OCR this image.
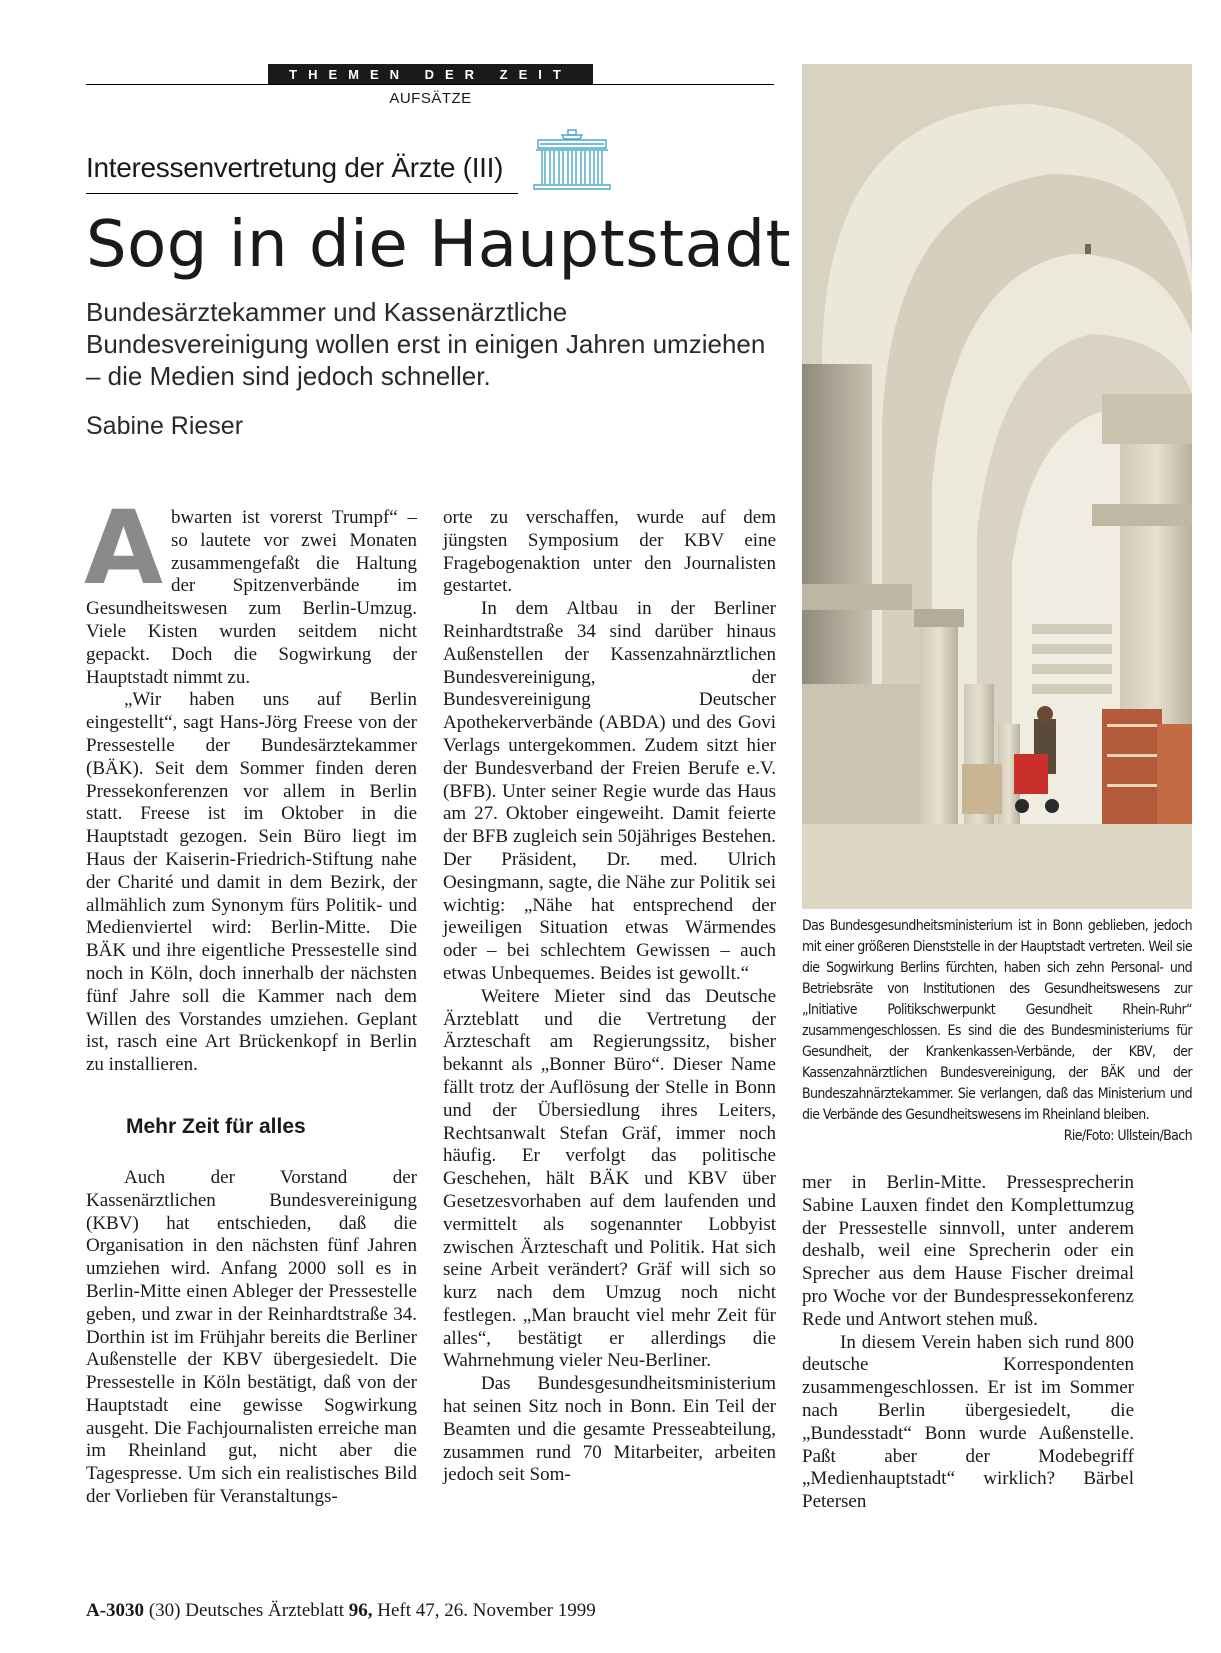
THEMEN DER ZEIT
AUFSÄTZE
Interessenvertretung der Ärzte (III)
Sog in die Hauptstadt
Bundesärztekammer und Kassenärztliche Bundesvereinigung wollen erst in einigen Jahren umziehen – die Medien sind jedoch schneller.
Sabine Rieser

Abwarten ist vorerst Trumpf“ – so lautete vor zwei Monaten zusammengefaßt die Haltung der Spitzenverbände im Gesundheitswesen zum Berlin-Umzug. Viele Kisten wurden seitdem nicht gepackt. Doch die Sogwirkung der Hauptstadt nimmt zu.

„Wir haben uns auf Berlin eingestellt“, sagt Hans-Jörg Freese von der Pressestelle der Bundesärztekammer (BÄK). Seit dem Sommer finden deren Pressekonferenzen vor allem in Berlin statt. Freese ist im Oktober in die Hauptstadt gezogen. Sein Büro liegt im Haus der Kaiserin-Friedrich-Stiftung nahe der Charité und damit in dem Bezirk, der allmählich zum Synonym fürs Politik- und Medienviertel wird: Berlin-Mitte. Die BÄK und ihre eigentliche Pressestelle sind noch in Köln, doch innerhalb der nächsten fünf Jahre soll die Kammer nach dem Willen des Vorstandes umziehen. Geplant ist, rasch eine Art Brückenkopf in Berlin zu installieren.

Mehr Zeit für alles

Auch der Vorstand der Kassenärztlichen Bundesvereinigung (KBV) hat entschieden, daß die Organisation in den nächsten fünf Jahren umziehen wird. Anfang 2000 soll es in Berlin-Mitte einen Ableger der Pressestelle geben, und zwar in der Reinhardtstraße 34. Dorthin ist im Frühjahr bereits die Berliner Außenstelle der KBV übergesiedelt. Die Pressestelle in Köln bestätigt, daß von der Hauptstadt eine gewisse Sogwirkung ausgeht. Die Fachjournalisten erreiche man im Rheinland gut, nicht aber die Tagespresse. Um sich ein realistisches Bild der Vorlieben für Veranstaltungs-

orte zu verschaffen, wurde auf dem jüngsten Symposium der KBV eine Fragebogenaktion unter den Journalisten gestartet.

In dem Altbau in der Berliner Reinhardtstraße 34 sind darüber hinaus Außenstellen der Kassenzahnärztlichen Bundesvereinigung, der Bundesvereinigung Deutscher Apothekerverbände (ABDA) und des Govi Verlags untergekommen. Zudem sitzt hier der Bundesverband der Freien Berufe e.V. (BFB). Unter seiner Regie wurde das Haus am 27. Oktober eingeweiht. Damit feierte der BFB zugleich sein 50jähriges Bestehen. Der Präsident, Dr. med. Ulrich Oesingmann, sagte, die Nähe zur Politik sei wichtig: „Nähe hat entsprechend der jeweiligen Situation etwas Wärmendes oder – bei schlechtem Gewissen – auch etwas Unbequemes. Beides ist gewollt.“

Weitere Mieter sind das Deutsche Ärzteblatt und die Vertretung der Ärzteschaft am Regierungssitz, bisher bekannt als „Bonner Büro“. Dieser Name fällt trotz der Auflösung der Stelle in Bonn und der Übersiedlung ihres Leiters, Rechtsanwalt Stefan Gräf, immer noch häufig. Er verfolgt das politische Geschehen, hält BÄK und KBV über Gesetzesvorhaben auf dem laufenden und vermittelt als sogenannter Lobbyist zwischen Ärzteschaft und Politik. Hat sich seine Arbeit verändert? Gräf will sich so kurz nach dem Umzug noch nicht festlegen. „Man braucht viel mehr Zeit für alles“, bestätigt er allerdings die Wahrnehmung vieler Neu-Berliner.

Das Bundesgesundheitsministerium hat seinen Sitz noch in Bonn. Ein Teil der Beamten und die gesamte Presseabteilung, zusammen rund 70 Mitarbeiter, arbeiten jedoch seit Som-

Das Bundesgesundheitsministerium ist in Bonn geblieben, jedoch mit einer größeren Dienststelle in der Hauptstadt vertreten. Weil sie die Sogwirkung Berlins fürchten, haben sich zehn Personal- und Betriebsräte von Institutionen des Gesundheitswesens zur „Initiative Politikschwerpunkt Gesundheit Rhein-Ruhr“ zusammengeschlossen. Es sind die des Bundesministeriums für Gesundheit, der Krankenkassen-Verbände, der KBV, der Kassenzahnärztlichen Bundesvereinigung, der BÄK und der Bundeszahnärztekammer. Sie verlangen, daß das Ministerium und die Verbände des Gesundheitswesens im Rheinland bleiben.
Rie/Foto: Ullstein/Bach

mer in Berlin-Mitte. Pressesprecherin Sabine Lauxen findet den Komplettumzug der Pressestelle sinnvoll, unter anderem deshalb, weil eine Sprecherin oder ein Sprecher aus dem Hause Fischer dreimal pro Woche vor der Bundespressekonferenz Rede und Antwort stehen muß.

In diesem Verein haben sich rund 800 deutsche Korrespondenten zusammengeschlossen. Er ist im Sommer nach Berlin übergesiedelt, die „Bundesstadt“ Bonn wurde Außenstelle. Paßt aber der Modebegriff „Medienhauptstadt“ wirklich? Bärbel Petersen

A-3030 (30) Deutsches Ärzteblatt 96, Heft 47, 26. November 1999
